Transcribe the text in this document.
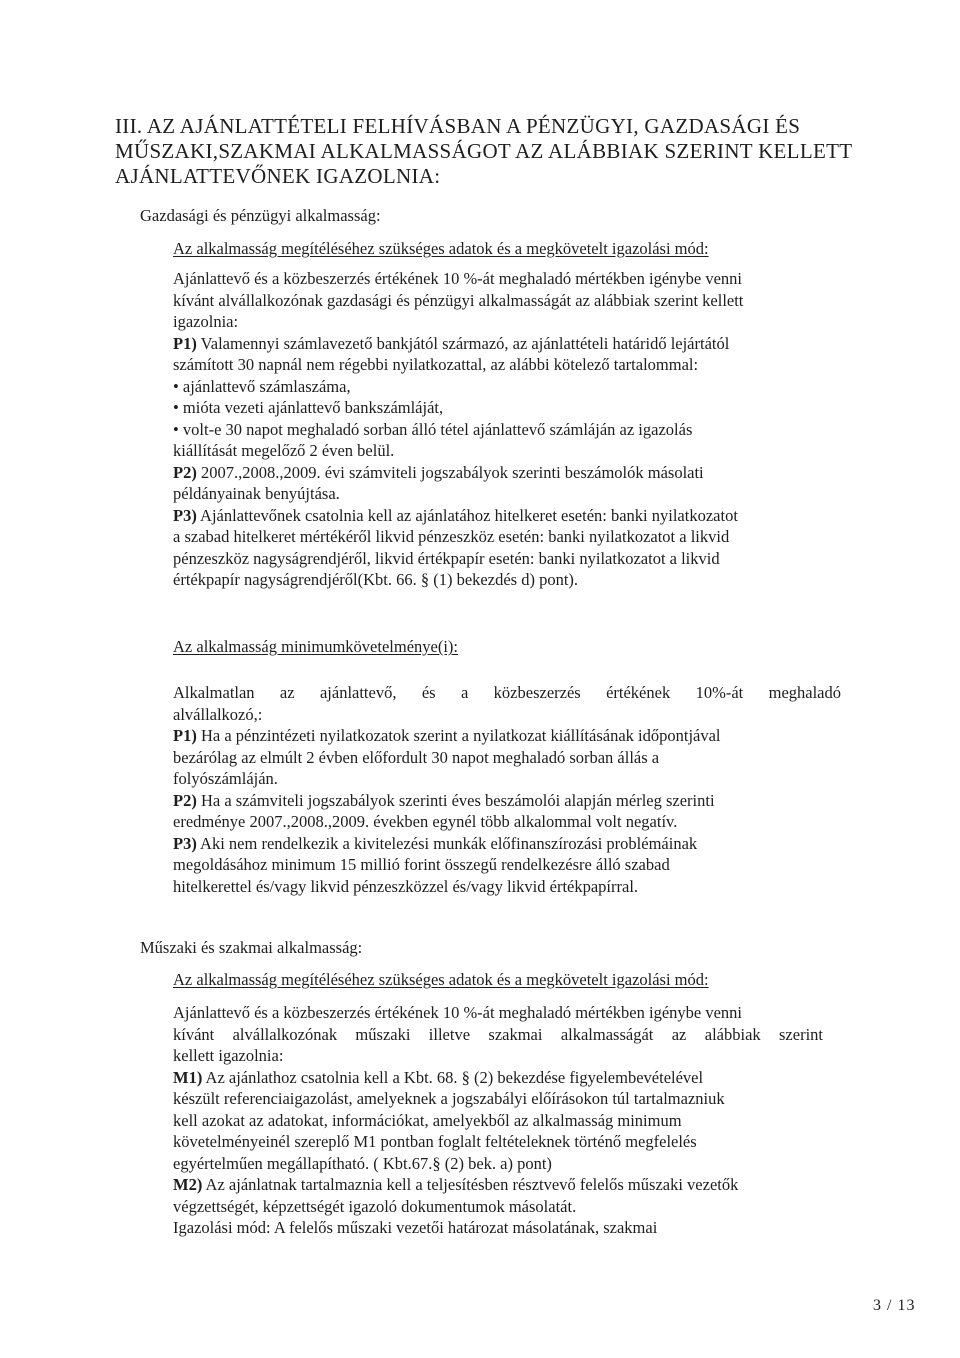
III. AZ AJÁNLATTÉTELI FELHÍVÁSBAN A PÉNZÜGYI, GAZDASÁGI ÉS

MŰSZAKI,SZAKMAI ALKALMASSÁGOT AZ ALÁBBIAK SZERINT KELLETT

AJÁNLATTEVŐNEK IGAZOLNIA:

Gazdasági és pénzügyi alkalmasság:
Az alkalmasság megítéléséhez szükséges adatok és a megkövetelt igazolási mód:

Ajánlattevő és a közbeszerzés értékének 10 %-át meghaladó mértékben igénybe venni

kívánt alvállalkozónak gazdasági és pénzügyi alkalmasságát az alábbiak szerint kellett

igazolnia:

P1) Valamennyi számlavezető bankjától származó, az ajánlattételi határidő lejártától

számított 30 napnál nem régebbi nyilatkozattal, az alábbi kötelező tartalommal:

• ajánlattevő számlaszáma,

• mióta vezeti ajánlattevő bankszámláját,

• volt-e 30 napot meghaladó sorban álló tétel ajánlattevő számláján az igazolás

kiállítását megelőző 2 éven belül.

P2) 2007.,2008.,2009. évi számviteli jogszabályok szerinti beszámolók másolati

példányainak benyújtása.

P3) Ajánlattevőnek csatolnia kell az ajánlatához hitelkeret esetén: banki nyilatkozatot

a szabad hitelkeret mértékéről likvid pénzeszköz esetén: banki nyilatkozatot a likvid

pénzeszköz nagyságrendjéről, likvid értékpapír esetén: banki nyilatkozatot a likvid

értékpapír nagyságrendjéről(Kbt. 66. § (1) bekezdés d) pont).

Az alkalmasság minimumkövetelménye(i):

Alkalmatlan az ajánlattevő, és a közbeszerzés értékének 10%-át meghaladó

alvállalkozó,:

P1) Ha a pénzintézeti nyilatkozatok szerint a nyilatkozat kiállításának időpontjával

bezárólag az elmúlt 2 évben előfordult 30 napot meghaladó sorban állás a

folyószámláján.

P2) Ha a számviteli jogszabályok szerinti éves beszámolói alapján mérleg szerinti

eredménye 2007.,2008.,2009. években egynél több alkalommal volt negatív.

P3) Aki nem rendelkezik a kivitelezési munkák előfinanszírozási problémáinak

megoldásához minimum 15 millió forint összegű rendelkezésre álló szabad

hitelkerettel és/vagy likvid pénzeszközzel és/vagy likvid értékpapírral.

Műszaki és szakmai alkalmasság:
Az alkalmasság megítéléséhez szükséges adatok és a megkövetelt igazolási mód:

Ajánlattevő és a közbeszerzés értékének 10 %-át meghaladó mértékben igénybe venni

kívánt alvállalkozónak műszaki illetve szakmai alkalmasságát az alábbiak szerint

kellett igazolnia:

M1) Az ajánlathoz csatolnia kell a Kbt. 68. § (2) bekezdése figyelembevételével

készült referenciaigazolást, amelyeknek a jogszabályi előírásokon túl tartalmazniuk

kell azokat az adatokat, információkat, amelyekből az alkalmasság minimum

követelményeinél szereplő M1 pontban foglalt feltételeknek történő megfelelés

egyértelműen megállapítható. ( Kbt.67.§ (2) bek. a) pont)

M2) Az ajánlatnak tartalmaznia kell a teljesítésben résztvevő felelős műszaki vezetők

végzettségét, képzettségét igazoló dokumentumok másolatát.

Igazolási mód: A felelős műszaki vezetői határozat másolatának, szakmai

3 / 13
